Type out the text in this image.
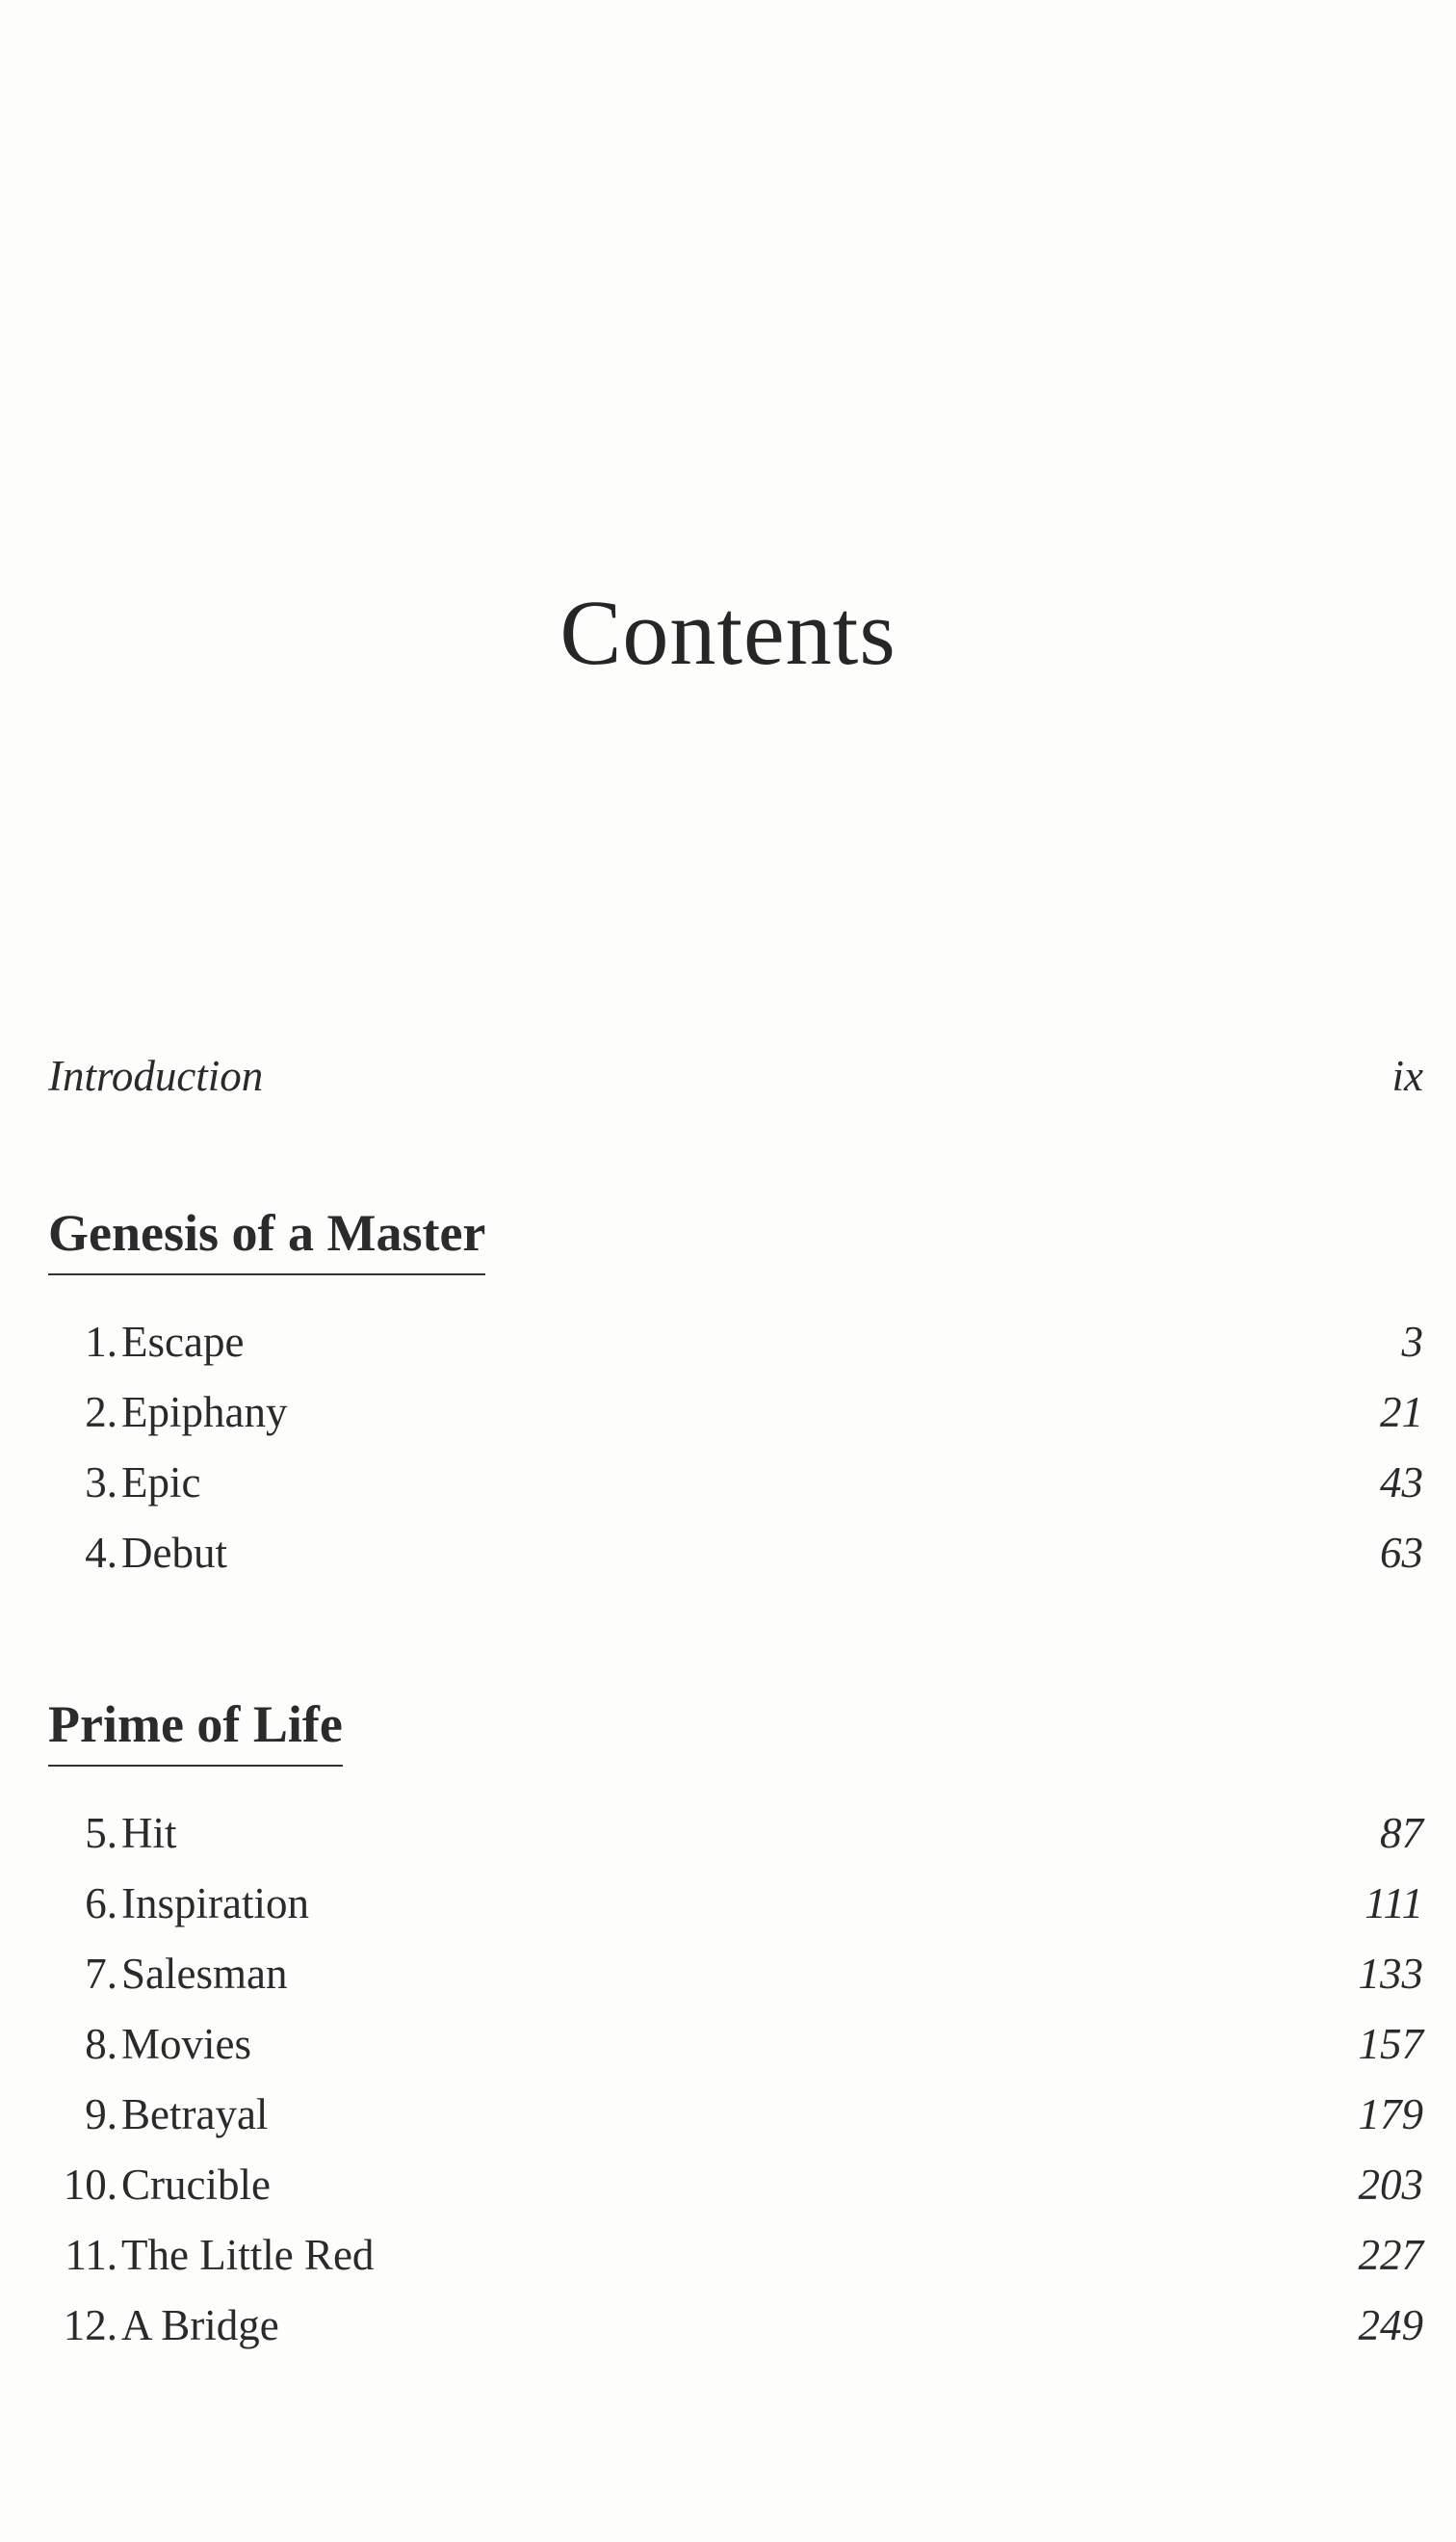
Contents
Introduction	ix
Genesis of a Master
1.Escape	3
2.Epiphany	21
3.Epic	43
4.Debut	63
Prime of Life
5.Hit	87
6.Inspiration	111
7.Salesman	133
8.Movies	157
9.Betrayal	179
10.Crucible	203
11.The Little Red	227
12.A Bridge	249
